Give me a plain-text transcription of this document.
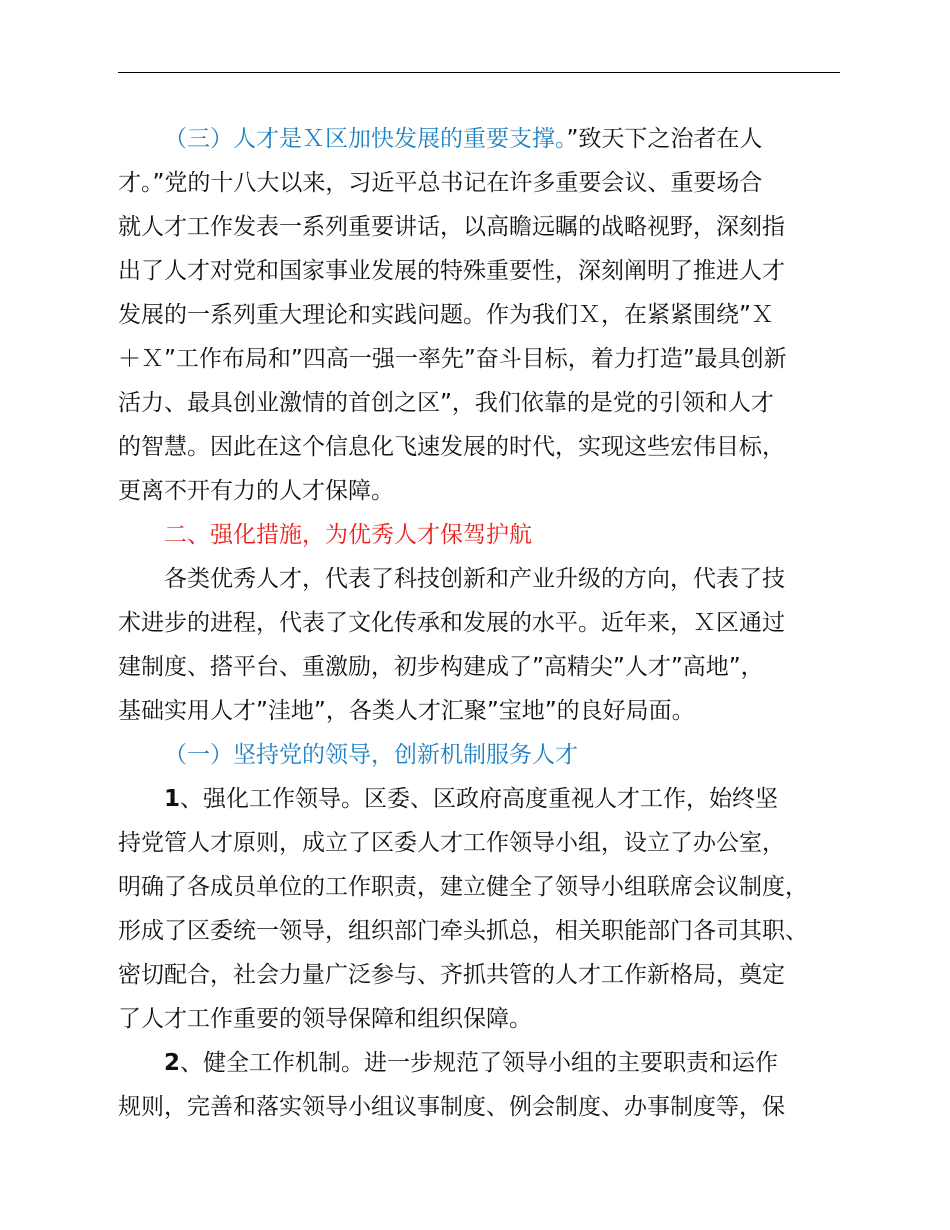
（三）人才是Ｘ区加快发展的重要支撑。”致天下之治者在人
才。”党的十八大以来，习近平总书记在许多重要会议、重要场合
就人才工作发表一系列重要讲话，以高瞻远瞩的战略视野，深刻指
出了人才对党和国家事业发展的特殊重要性，深刻阐明了推进人才
发展的一系列重大理论和实践问题。作为我们Ｘ，在紧紧围绕”Ｘ
＋Ｘ”工作布局和”四高一强一率先”奋斗目标，着力打造”最具创新
活力、最具创业激情的首创之区”，我们依靠的是党的引领和人才
的智慧。因此在这个信息化飞速发展的时代，实现这些宏伟目标，
更离不开有力的人才保障。
二、强化措施，为优秀人才保驾护航
各类优秀人才，代表了科技创新和产业升级的方向，代表了技
术进步的进程，代表了文化传承和发展的水平。近年来，Ｘ区通过
建制度、搭平台、重激励，初步构建成了”高精尖”人才”高地”，
基础实用人才”洼地”，各类人才汇聚”宝地”的良好局面。
（一）坚持党的领导，创新机制服务人才
1、强化工作领导。区委、区政府高度重视人才工作，始终坚
持党管人才原则，成立了区委人才工作领导小组，设立了办公室，
明确了各成员单位的工作职责，建立健全了领导小组联席会议制度，
形成了区委统一领导，组织部门牵头抓总，相关职能部门各司其职、
密切配合，社会力量广泛参与、齐抓共管的人才工作新格局，奠定
了人才工作重要的领导保障和组织保障。
2、健全工作机制。进一步规范了领导小组的主要职责和运作
规则，完善和落实领导小组议事制度、例会制度、办事制度等，保
